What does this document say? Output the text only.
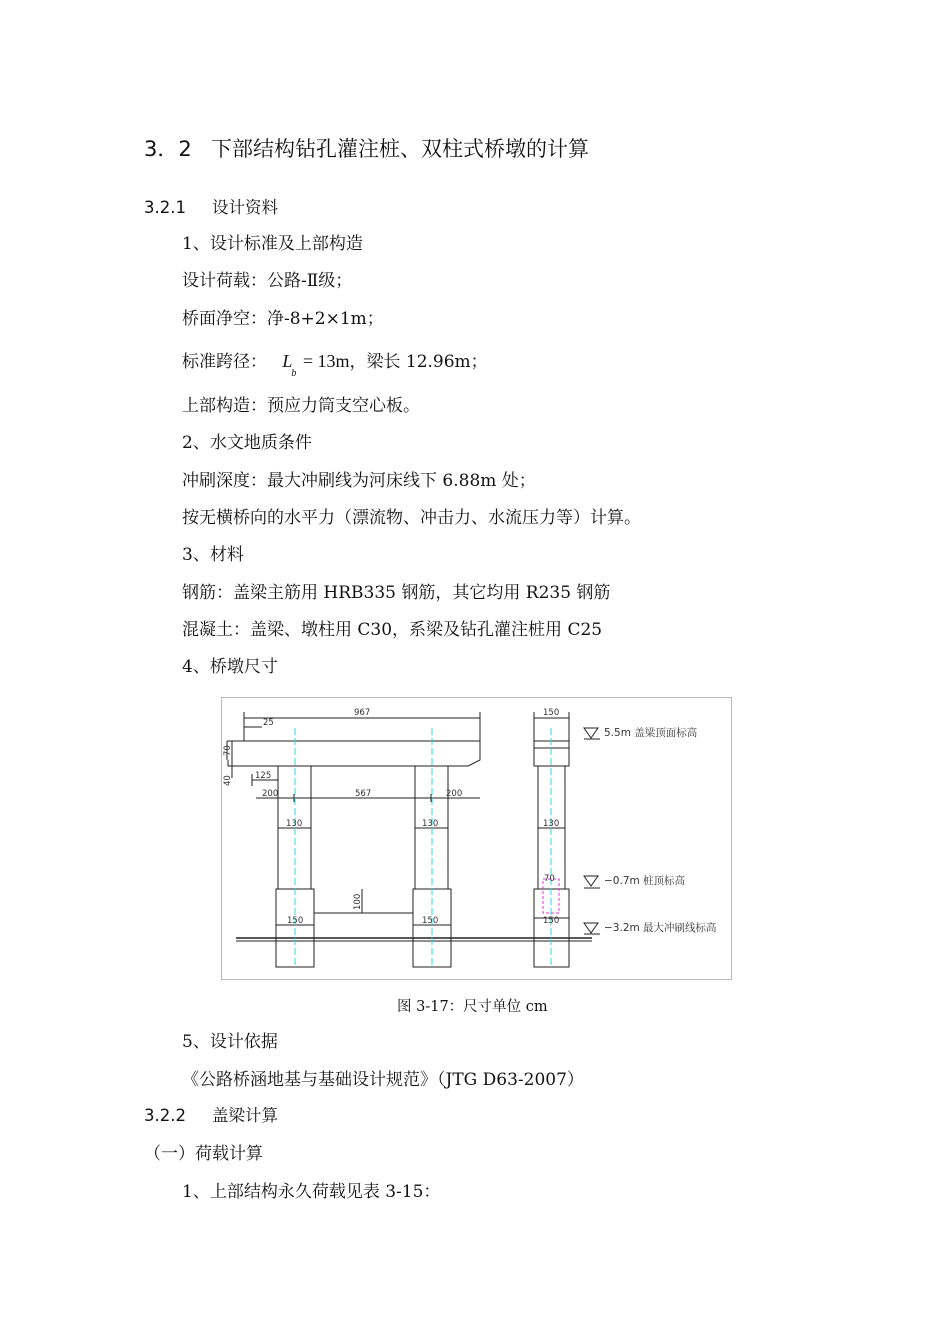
3．2 下部结构钻孔灌注桩、双柱式桥墩的计算
3.2.1 设计资料
1、设计标准及上部构造
设计荷载：公路-Ⅱ级；
桥面净空：净-8+2×1m；
标准跨径： $L_b = 13m$，梁长 12.96m；
上部构造：预应力筒支空心板。
2、水文地质条件
冲刷深度：最大冲刷线为河床线下 6.88m 处；
按无横桥向的水平力（漂流物、冲击力、水流压力等）计算。
3、材料
钢筋：盖梁主筋用 HRB335 钢筋，其它均用 R235 钢筋
混凝土：盖梁、墩柱用 C30，系梁及钻孔灌注桩用 C25
4、桥墩尺寸
967
25
70
40	125
200	567	200
130	130
100
150	150
150
130
70
150
5.5m 盖梁顶面标高
−0.7m 桩顶标高
−3.2m 最大冲刷线标高
图 3-17：尺寸单位 cm
5、设计依据
《公路桥涵地基与基础设计规范》（JTG D63-2007）
3.2.2 盖梁计算
（一）荷载计算
1、上部结构永久荷载见表 3-15：
